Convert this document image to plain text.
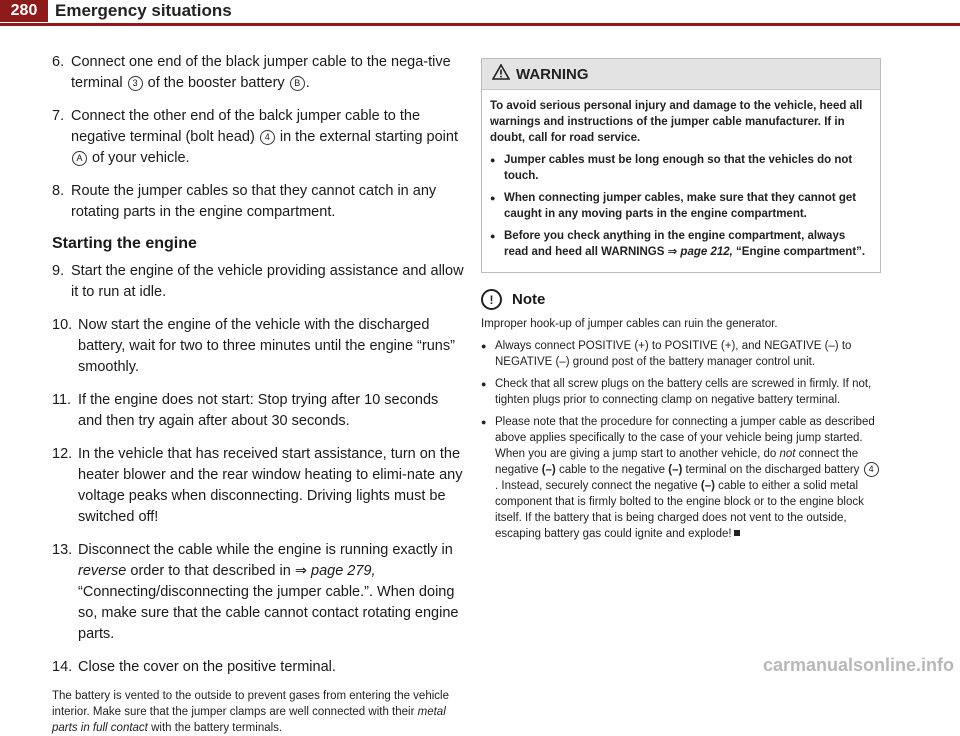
280	Emergency situations
6. Connect one end of the black jumper cable to the nega-tive terminal 3 of the booster battery B .
7. Connect the other end of the balck jumper cable to the negative terminal (bolt head) 4 in the external starting point A of your vehicle.
8. Route the jumper cables so that they cannot catch in any rotating parts in the engine compartment.
Starting the engine
9. Start the engine of the vehicle providing assistance and allow it to run at idle.
10. Now start the engine of the vehicle with the discharged battery, wait for two to three minutes until the engine “runs” smoothly.
11. If the engine does not start: Stop trying after 10 seconds and then try again after about 30 seconds.
12. In the vehicle that has received start assistance, turn on the heater blower and the rear window heating to elimi-nate any voltage peaks when disconnecting. Driving lights must be switched off!
13. Disconnect the cable while the engine is running exactly in reverse order to that described in ⇒ page 279, “Connecting/disconnecting the jumper cable.”. When doing so, make sure that the cable cannot contact rotating engine parts.
14. Close the cover on the positive terminal.
The battery is vented to the outside to prevent gases from entering the vehicle interior. Make sure that the jumper clamps are well connected with their metal parts in full contact with the battery terminals.
WARNING

To avoid serious personal injury and damage to the vehicle, heed all warnings and instructions of the jumper cable manufacturer. If in doubt, call for road service.

● Jumper cables must be long enough so that the vehicles do not touch.

● When connecting jumper cables, make sure that they cannot get caught in any moving parts in the engine compartment.

● Before you check anything in the engine compartment, always read and heed all WARNINGS ⇒ page 212, “Engine compartment”.

!	Note

Improper hook-up of jumper cables can ruin the generator.

● Always connect POSITIVE (+) to POSITIVE (+), and NEGATIVE (–) to NEGATIVE (–) ground post of the battery manager control unit.

● Check that all screw plugs on the battery cells are screwed in firmly. If not, tighten plugs prior to connecting clamp on negative battery terminal.

● Please note that the procedure for connecting a jumper cable as described above applies specifically to the case of your vehicle being jump started. When you are giving a jump start to another vehicle, do not connect the negative (–) cable to the negative (–) terminal on the discharged battery 4. Instead, securely connect the negative (–) cable to either a solid metal component that is firmly bolted to the engine block or to the engine block itself. If the battery that is being charged does not vent to the outside, escaping battery gas could ignite and explode!

carmanualsonline.info
